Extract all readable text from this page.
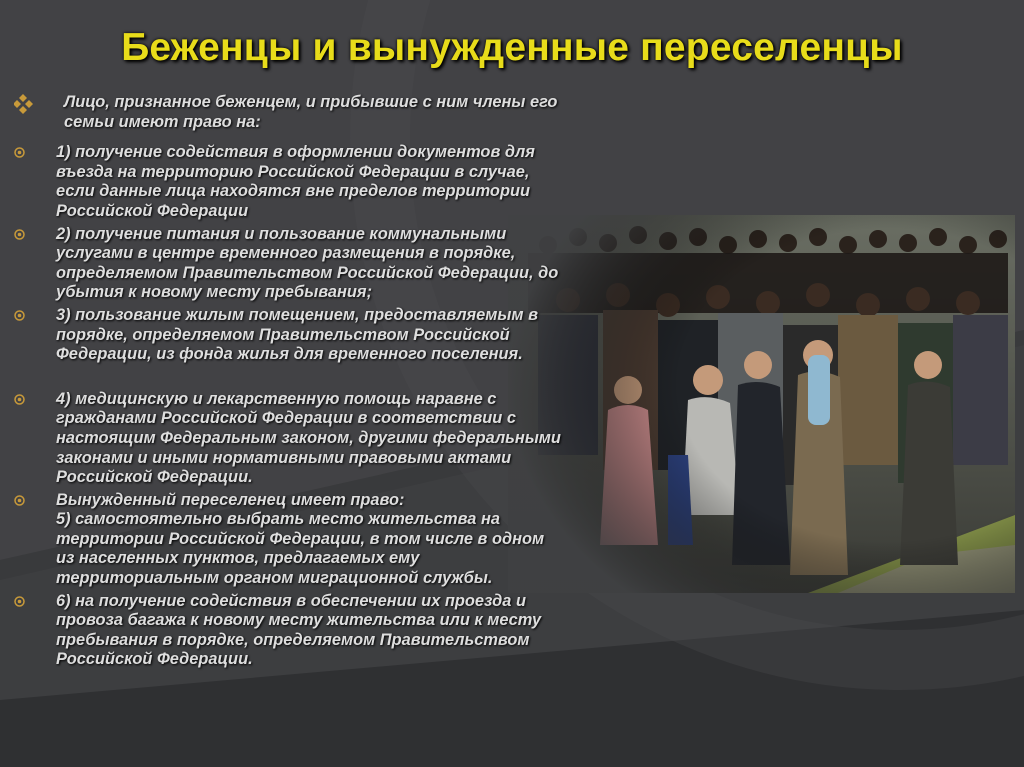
Беженцы и вынужденные переселенцы
Лицо, признанное беженцем, и прибывшие с ним члены его
семьи имеют право на:
1) получение содействия в оформлении документов для
въезда на территорию Российской Федерации в случае,
если данные лица находятся вне пределов территории
Российской Федерации
2) получение питания и пользование коммунальными
услугами в центре временного размещения в порядке,
определяемом Правительством Российской Федерации, до
убытия к новому месту пребывания;
3) пользование жилым помещением, предоставляемым в
порядке, определяемом Правительством Российской
Федерации, из фонда жилья для временного поселения.
4) медицинскую и лекарственную помощь наравне с
гражданами Российской Федерации в соответствии с
настоящим Федеральным законом, другими федеральными
законами и иными нормативными правовыми актами
Российской Федерации.
Вынужденный переселенец имеет право:
5) самостоятельно выбрать место жительства на
территории Российской Федерации, в том числе в одном
из населенных пунктов, предлагаемых ему
территориальным органом миграционной службы.
6) на получение содействия в обеспечении их проезда и
провоза багажа к новому месту жительства или к месту
пребывания в порядке, определяемом Правительством
Российской Федерации.
